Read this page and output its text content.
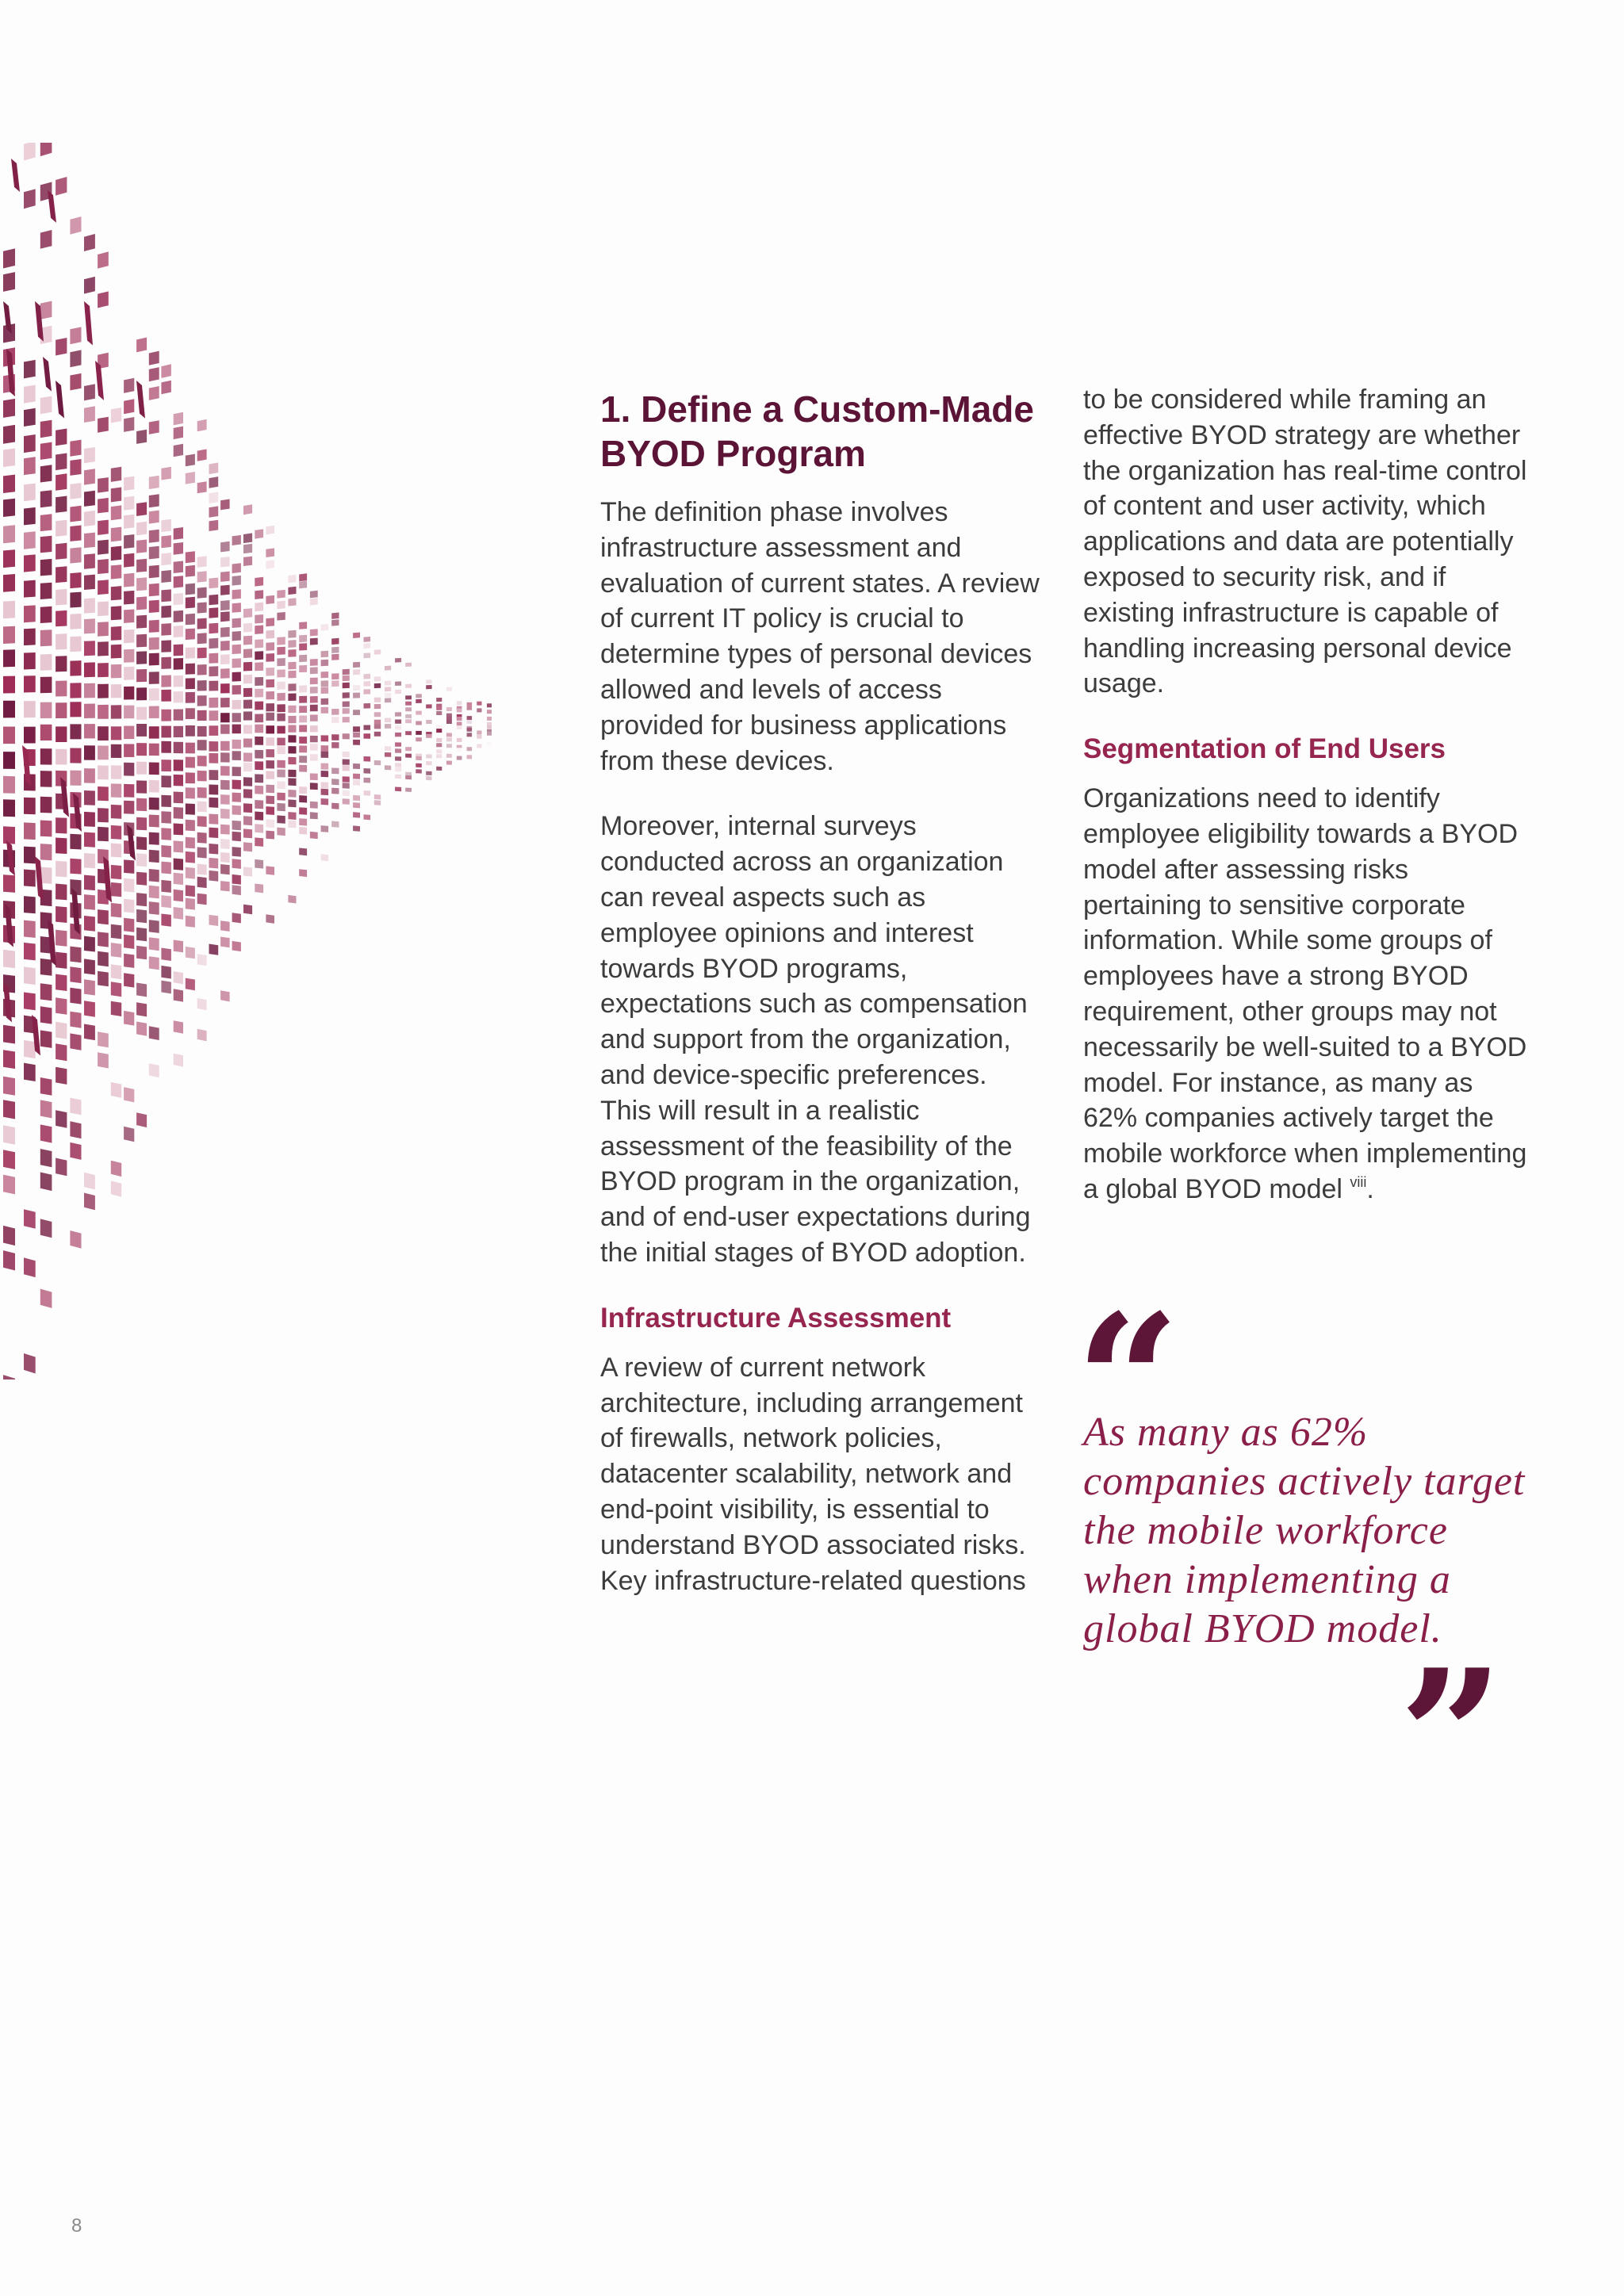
1. Define a Custom-Made BYOD Program

The definition phase involves infrastructure assessment and evaluation of current states. A review of current IT policy is crucial to determine types of personal devices allowed and levels of access provided for business applications from these devices.

Moreover, internal surveys conducted across an organization can reveal aspects such as employee opinions and interest towards BYOD programs, expectations such as compensation and support from the organization, and device-specific preferences. This will result in a realistic assessment of the feasibility of the BYOD program in the organization, and of end-user expectations during the initial stages of BYOD adoption.

Infrastructure Assessment

A review of current network architecture, including arrangement of firewalls, network policies, datacenter scalability, network and end-point visibility, is essential to understand BYOD associated risks. Key infrastructure-related questions

to be considered while framing an effective BYOD strategy are whether the organization has real-time control of content and user activity, which applications and data are potentially exposed to security risk, and if existing infrastructure is capable of handling increasing personal device usage.

Segmentation of End Users

Organizations need to identify employee eligibility towards a BYOD model after assessing risks pertaining to sensitive corporate information. While some groups of employees have a strong BYOD requirement, other groups may not necessarily be well-suited to a BYOD model. For instance, as many as 62% companies actively target the mobile workforce when implementing a global BYOD model $^{viii}$.

“
As many as 62% companies actively target the mobile workforce when implementing a global BYOD model.
”
8
